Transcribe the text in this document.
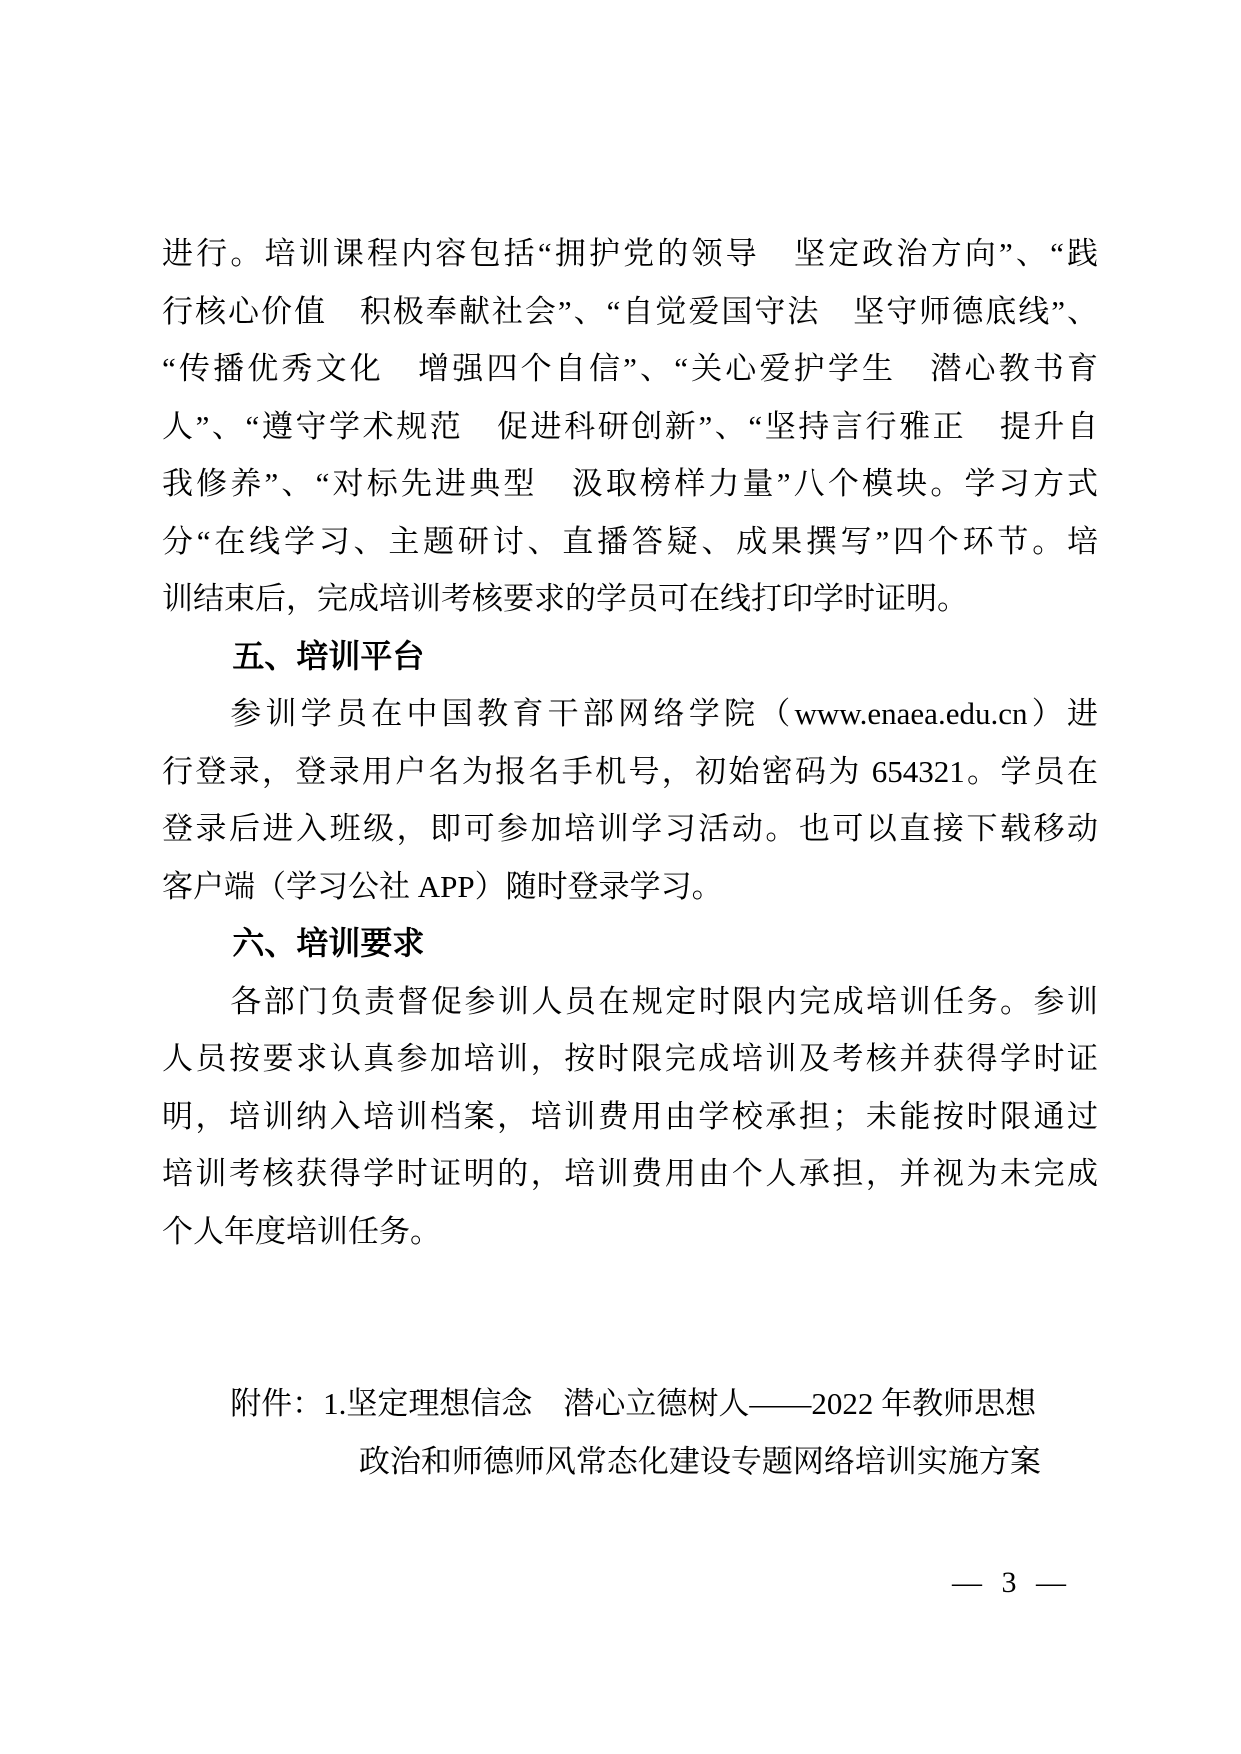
进行。培训课程内容包括“拥护党的领导　坚定政治方向”、“践
行核心价值　积极奉献社会”、“自觉爱国守法　坚守师德底线”、
“传播优秀文化　增强四个自信”、“关心爱护学生　潜心教书育
人”、“遵守学术规范　促进科研创新”、“坚持言行雅正　提升自
我修养”、“对标先进典型　汲取榜样力量”八个模块。学习方式
分“在线学习、主题研讨、直播答疑、成果撰写”四个环节。培
训结束后，完成培训考核要求的学员可在线打印学时证明。
五、培训平台
参训学员在中国教育干部网络学院（www.enaea.edu.cn）进
行登录，登录用户名为报名手机号，初始密码为 654321。学员在
登录后进入班级，即可参加培训学习活动。也可以直接下载移动
客户端（学习公社 APP）随时登录学习。
六、培训要求
各部门负责督促参训人员在规定时限内完成培训任务。参训
人员按要求认真参加培训，按时限完成培训及考核并获得学时证
明，培训纳入培训档案，培训费用由学校承担；未能按时限通过
培训考核获得学时证明的，培训费用由个人承担，并视为未完成
个人年度培训任务。
附件：1.坚定理想信念　潜心立德树人——2022 年教师思想
政治和师德师风常态化建设专题网络培训实施方案
— 3 —
